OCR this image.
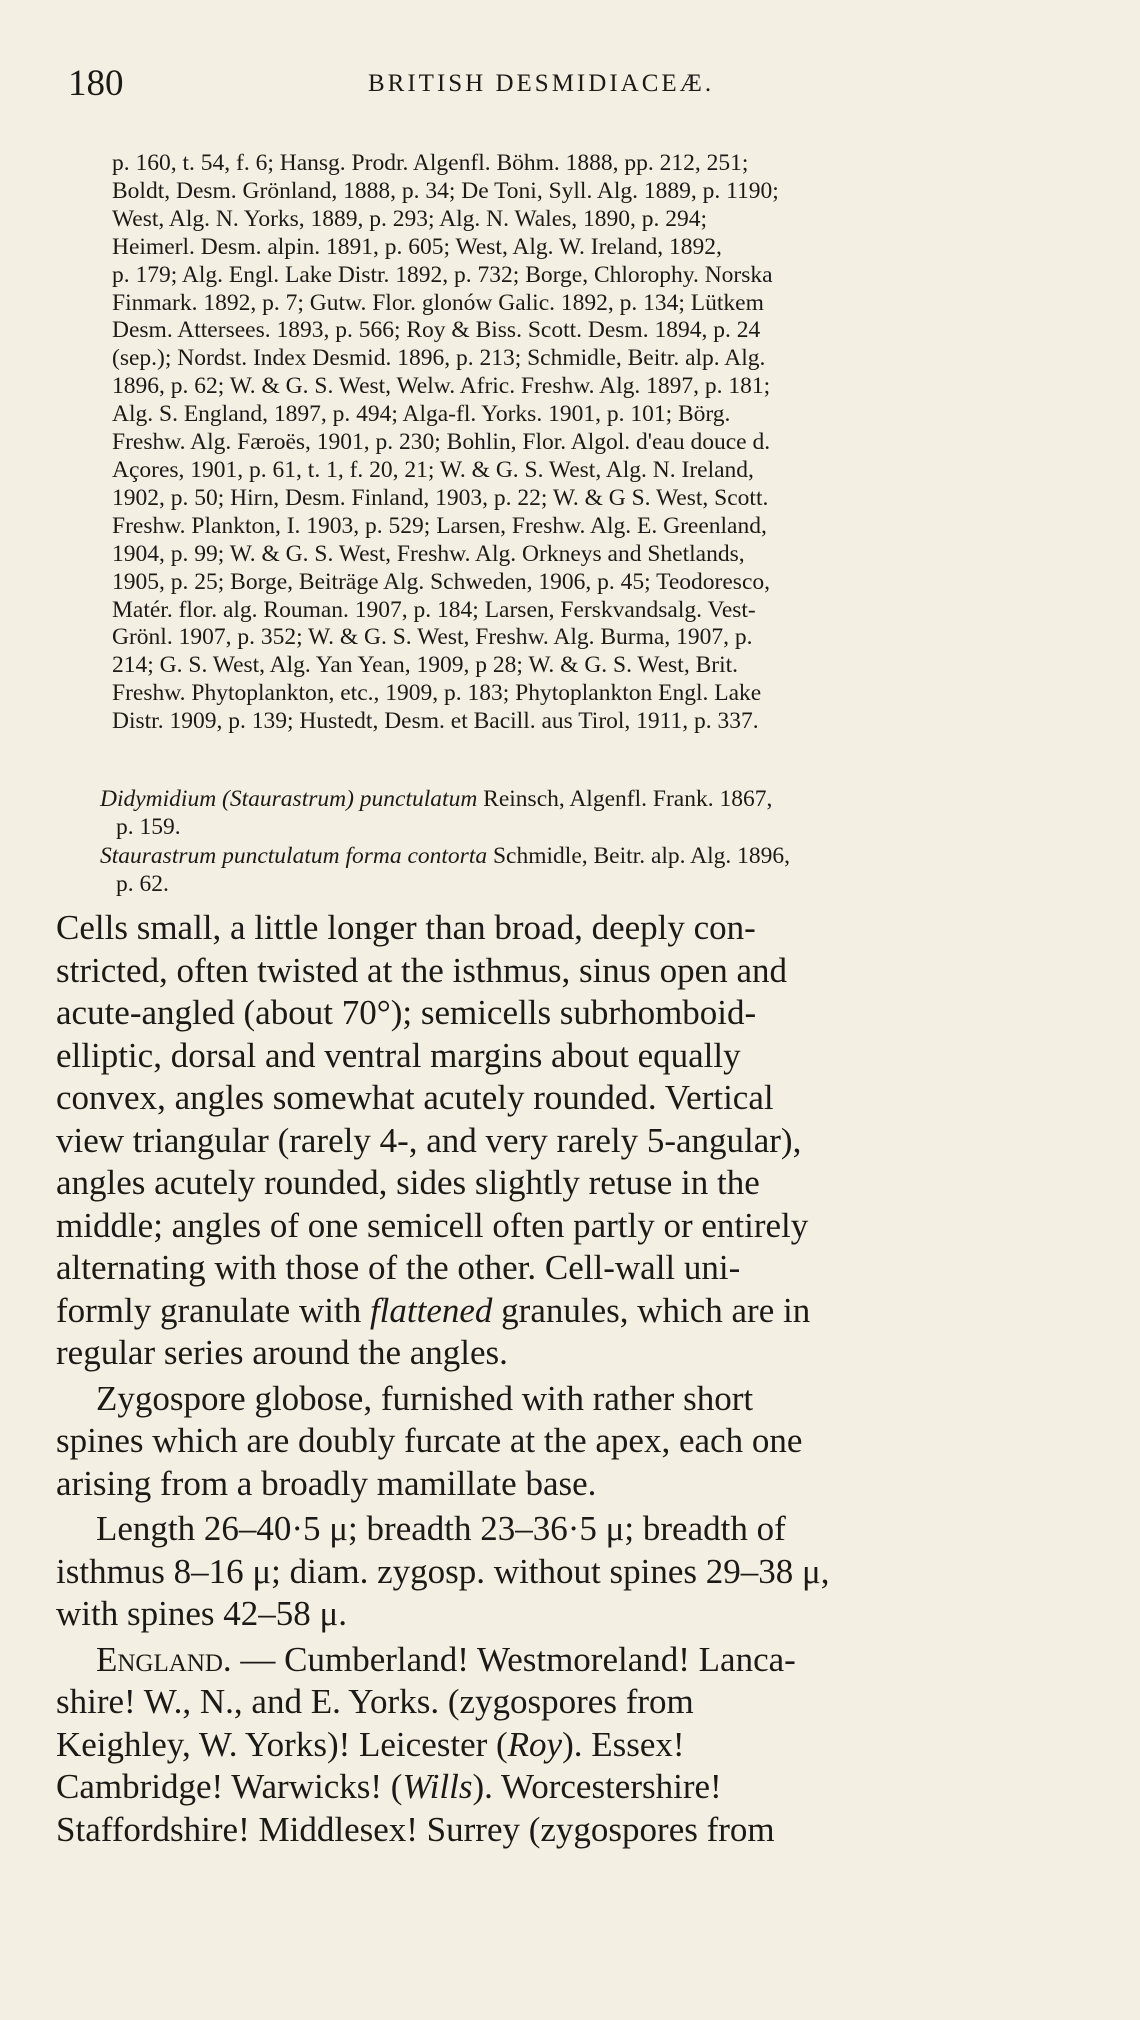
180	BRITISH DESMIDIACEÆ.
p. 160, t. 54, f. 6; Hansg. Prodr. Algenfl. Böhm. 1888, pp. 212, 251;
Boldt, Desm. Grönland, 1888, p. 34; De Toni, Syll. Alg. 1889, p. 1190;
West, Alg. N. Yorks, 1889, p. 293; Alg. N. Wales, 1890, p. 294;
Heimerl. Desm. alpin. 1891, p. 605; West, Alg. W. Ireland, 1892,
p. 179; Alg. Engl. Lake Distr. 1892, p. 732; Borge, Chlorophy. Norska
Finmark. 1892, p. 7; Gutw. Flor. glonów Galic. 1892, p. 134; Lütkem
Desm. Attersees. 1893, p. 566; Roy & Biss. Scott. Desm. 1894, p. 24
(sep.); Nordst. Index Desmid. 1896, p. 213; Schmidle, Beitr. alp. Alg.
1896, p. 62; W. & G. S. West, Welw. Afric. Freshw. Alg. 1897, p. 181;
Alg. S. England, 1897, p. 494; Alga-fl. Yorks. 1901, p. 101; Börg.
Freshw. Alg. Færoës, 1901, p. 230; Bohlin, Flor. Algol. d'eau douce d.
Açores, 1901, p. 61, t. 1, f. 20, 21; W. & G. S. West, Alg. N. Ireland,
1902, p. 50; Hirn, Desm. Finland, 1903, p. 22; W. & G S. West, Scott.
Freshw. Plankton, I. 1903, p. 529; Larsen, Freshw. Alg. E. Greenland,
1904, p. 99; W. & G. S. West, Freshw. Alg. Orkneys and Shetlands,
1905, p. 25; Borge, Beiträge Alg. Schweden, 1906, p. 45; Teodoresco,
Matér. flor. alg. Rouman. 1907, p. 184; Larsen, Ferskvandsalg. Vest-
Grönl. 1907, p. 352; W. & G. S. West, Freshw. Alg. Burma, 1907, p.
214; G. S. West, Alg. Yan Yean, 1909, p 28; W. & G. S. West, Brit.
Freshw. Phytoplankton, etc., 1909, p. 183; Phytoplankton Engl. Lake
Distr. 1909, p. 139; Hustedt, Desm. et Bacill. aus Tirol, 1911, p. 337.
Didymidium (Staurastrum) punctulatum Reinsch, Algenfl. Frank. 1867,
p. 159.
Staurastrum punctulatum forma contorta Schmidle, Beitr. alp. Alg. 1896,
p. 62.
Cells small, a little longer than broad, deeply con-
stricted, often twisted at the isthmus, sinus open and
acute-angled (about 70°); semicells subrhomboid-
elliptic, dorsal and ventral margins about equally
convex, angles somewhat acutely rounded. Vertical
view triangular (rarely 4-, and very rarely 5-angular),
angles acutely rounded, sides slightly retuse in the
middle; angles of one semicell often partly or entirely
alternating with those of the other. Cell-wall uni-
formly granulate with flattened granules, which are in
regular series around the angles.
Zygospore globose, furnished with rather short
spines which are doubly furcate at the apex, each one
arising from a broadly mamillate base.
Length 26–40·5 μ; breadth 23–36·5 μ; breadth of
isthmus 8–16 μ; diam. zygosp. without spines 29–38 μ,
with spines 42–58 μ.
England. — Cumberland! Westmoreland! Lanca-
shire! W., N., and E. Yorks. (zygospores from
Keighley, W. Yorks)! Leicester (Roy). Essex!
Cambridge! Warwicks! (Wills). Worcestershire!
Staffordshire! Middlesex! Surrey (zygospores from
